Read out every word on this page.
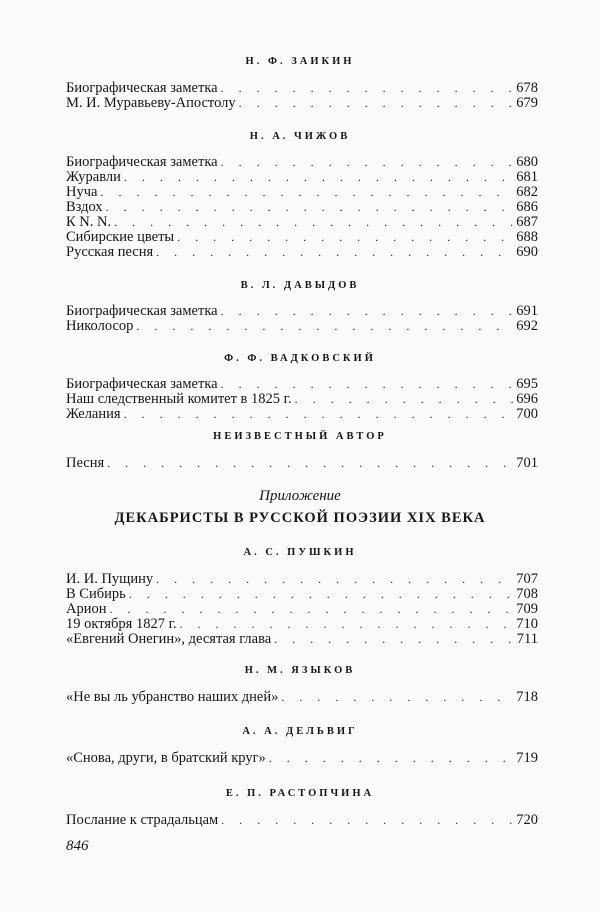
Н. Ф. ЗАИКИН
Биографическая заметка . . .	678
М. И. Муравьеву-Апостолу . . .	679
Н. А. ЧИЖОВ
Биографическая заметка . . .	680
Журавли . . .	681
Нуча . . .	682
Вздох . . .	686
К N. N. . . .	687
Сибирские цветы . . .	688
Русская песня . . .	690
В. Л. ДАВЫДОВ
Биографическая заметка . . .	691
Николосор . . .	692
Ф. Ф. ВАДКОВСКИЙ
Биографическая заметка . . .	695
Наш следственный комитет в 1825 г. . . .	696
Желания . . .	700
НЕИЗВЕСТНЫЙ АВТОР
Песня . . .	701
Приложение
ДЕКАБРИСТЫ В РУССКОЙ ПОЭЗИИ XIX ВЕКА
А. С. ПУШКИН
И. И. Пущину . . .	707
В Сибирь . . .	708
Арион . . .	709
19 октября 1827 г. . . .	710
«Евгений Онегин», десятая глава . . .	711
Н. М. ЯЗЫКОВ
«Не вы ль убранство наших дней» . . .	718
А. А. ДЕЛЬВИГ
«Снова, други, в братский круг» . . .	719
Е. П. РАСТОПЧИНА
Послание к страдальцам . . .	720
846
